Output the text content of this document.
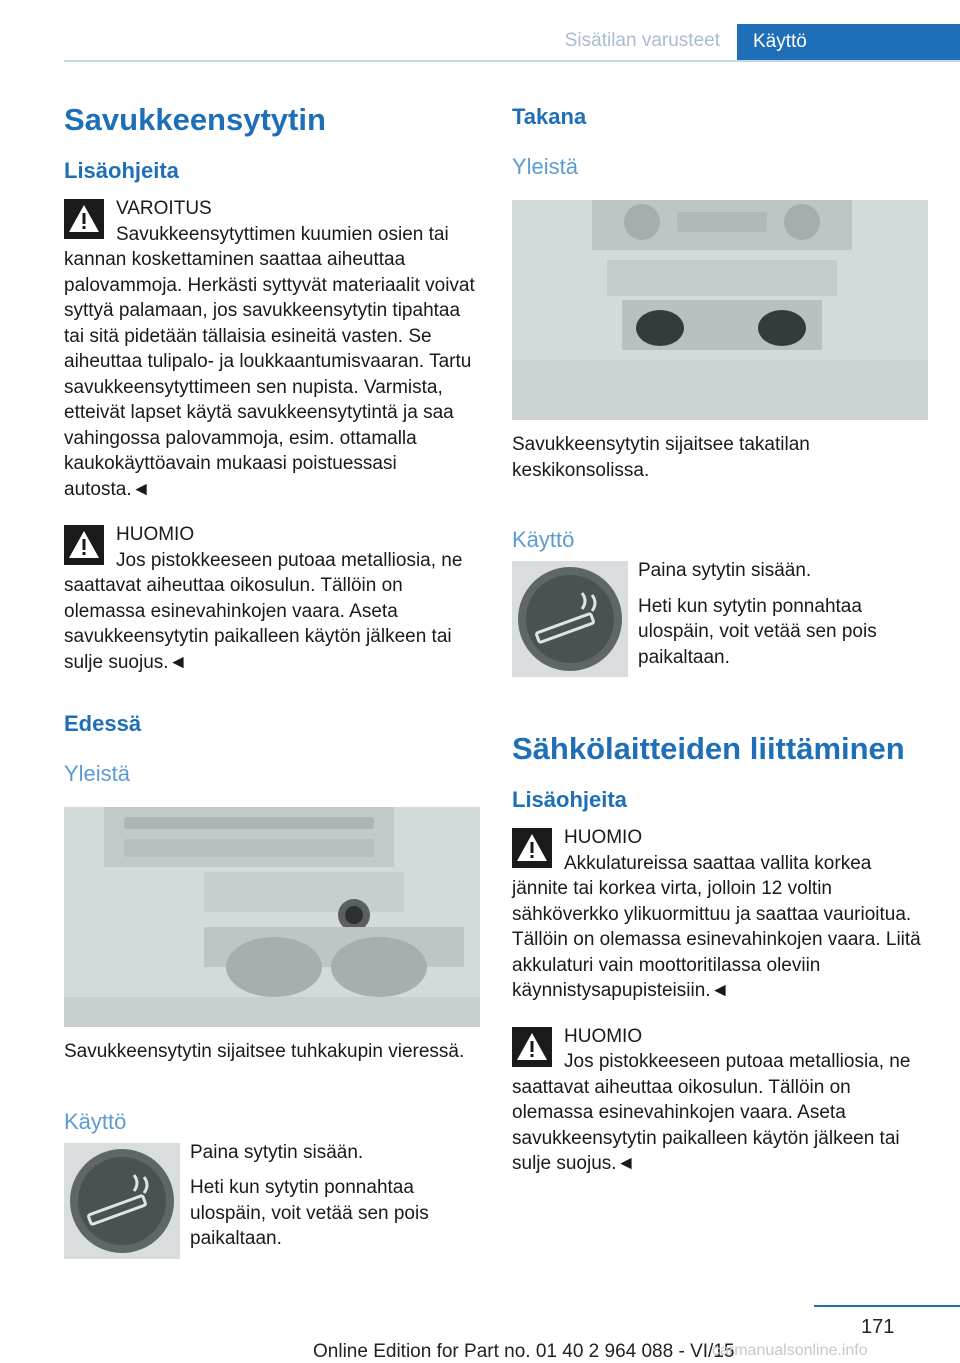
Sisätilan varusteet	Käyttö
Savukkeensytytin
Lisäohjeita

VAROITUS
Savukkeensytyttimen kuumien osien tai kannan koskettaminen saattaa aiheuttaa palovammoja. Herkästi syttyvät materiaalit voivat syttyä palamaan, jos savukkeensytytin tipahtaa tai sitä pidetään tällaisia esineitä vasten. Se aiheuttaa tulipalo- ja loukkaantumisvaaran. Tartu savukkeensytyttimeen sen nupista. Varmista, etteivät lapset käytä savukkeensytytintä ja saa vahingossa palovammoja, esim. ottamalla kaukokäyttöavain mukaasi poistuessasi autosta.◄

HUOMIO
Jos pistokkeeseen putoaa metalliosia, ne saattavat aiheuttaa oikosulun. Tällöin on olemassa esinevahinkojen vaara. Aseta savukkeensytytin paikalleen käytön jälkeen tai sulje suojus.◄

Edessä
Yleistä

Savukkeensytytin sijaitsee tuhkakupin vieressä.

Käyttö

Paina sytytin sisään.

Heti kun sytytin ponnahtaa ulospäin, voit vetää sen pois paikaltaan.

Takana
Yleistä

Savukkeensytytin sijaitsee takatilan keskikonsolissa.

Käyttö

Paina sytytin sisään.

Heti kun sytytin ponnahtaa ulospäin, voit vetää sen pois paikaltaan.

Sähkölaitteiden liittäminen
Lisäohjeita

HUOMIO
Akkulatureissa saattaa vallita korkea jännite tai korkea virta, jolloin 12 voltin sähköverkko ylikuormittuu ja saattaa vaurioitua. Tällöin on olemassa esinevahinkojen vaara. Liitä akkulaturi vain moottoritilassa oleviin käynnistysapupisteisiin.◄

HUOMIO
Jos pistokkeeseen putoaa metalliosia, ne saattavat aiheuttaa oikosulun. Tällöin on olemassa esinevahinkojen vaara. Aseta savukkeensytytin paikalleen käytön jälkeen tai sulje suojus.◄

171
Online Edition for Part no. 01 40 2 964 088 - VI/15
carmanualsonline.info
